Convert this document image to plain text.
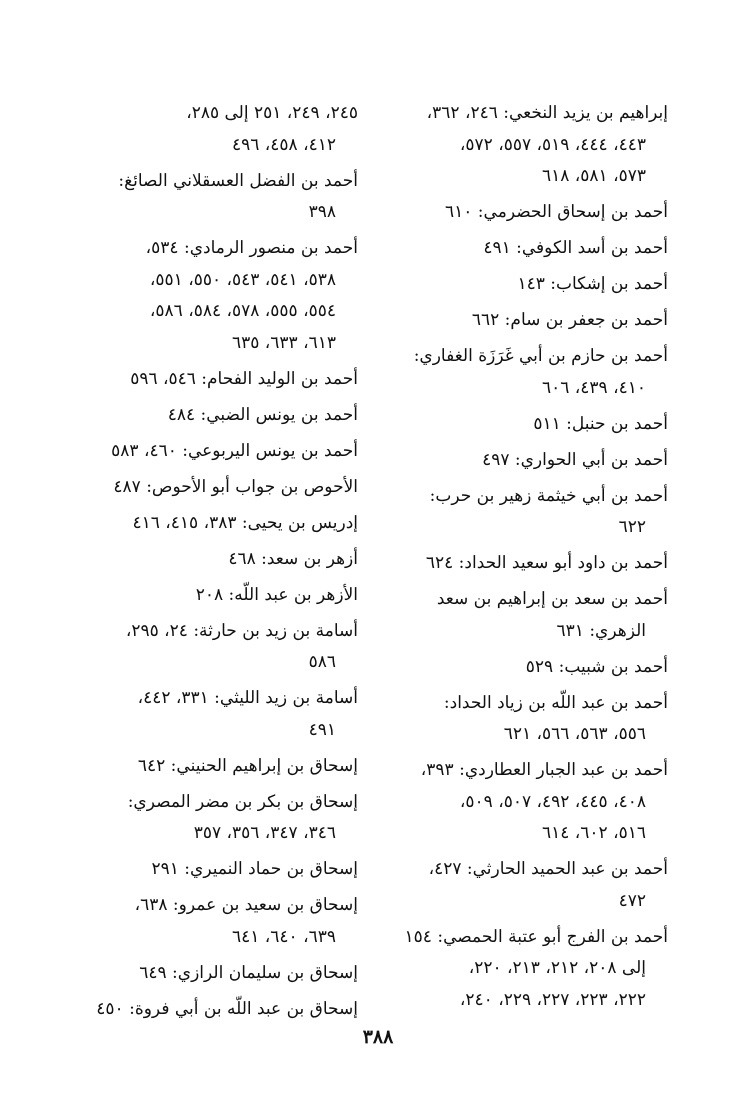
إبراهيم بن يزيد النخعي: ٢٤٦، ٣٦٢،
٤٤٣، ٤٤٤، ٥١٩، ٥٥٧، ٥٧٢،
٥٧٣، ٥٨١، ٦١٨
أحمد بن إسحاق الحضرمي: ٦١٠
أحمد بن أسد الكوفي: ٤٩١
أحمد بن إشكاب: ١٤٣
أحمد بن جعفر بن سام: ٦٦٢
أحمد بن حازم بن أبي غَرَزَة الغفاري:
٤١٠، ٤٣٩، ٦٠٦
أحمد بن حنبل: ٥١١
أحمد بن أبي الحواري: ٤٩٧
أحمد بن أبي خيثمة زهير بن حرب:
٦٢٢
أحمد بن داود أبو سعيد الحداد: ٦٢٤
أحمد بن سعد بن إبراهيم بن سعد
الزهري: ٦٣١
أحمد بن شبيب: ٥٢٩
أحمد بن عبد اللّه بن زياد الحداد:
٥٥٦، ٥٦٣، ٥٦٦، ٦٢١
أحمد بن عبد الجبار العطاردي: ٣٩٣،
٤٠٨، ٤٤٥، ٤٩٢، ٥٠٧، ٥٠٩،
٥١٦، ٦٠٢، ٦١٤
أحمد بن عبد الحميد الحارثي: ٤٢٧،
٤٧٢
أحمد بن الفرج أبو عتبة الحمصي: ١٥٤
إلى ٢٠٨، ٢١٢، ٢١٣، ٢٢٠،
٢٢٢، ٢٢٣، ٢٢٧، ٢٢٩، ٢٤٠،
٢٤٥، ٢٤٩، ٢٥١ إلى ٢٨٥،
٤١٢، ٤٥٨، ٤٩٦
أحمد بن الفضل العسقلاني الصائغ:
٣٩٨
أحمد بن منصور الرمادي: ٥٣٤،
٥٣٨، ٥٤١، ٥٤٣، ٥٥٠، ٥٥١،
٥٥٤، ٥٥٥، ٥٧٨، ٥٨٤، ٥٨٦،
٦١٣، ٦٣٣، ٦٣٥
أحمد بن الوليد الفحام: ٥٤٦، ٥٩٦
أحمد بن يونس الضبي: ٤٨٤
أحمد بن يونس اليربوعي: ٤٦٠، ٥٨٣
الأحوص بن جواب أبو الأحوص: ٤٨٧
إدريس بن يحيى: ٣٨٣، ٤١٥، ٤١٦
أزهر بن سعد: ٤٦٨
الأزهر بن عبد اللّه: ٢٠٨
أسامة بن زيد بن حارثة: ٢٤، ٢٩٥،
٥٨٦
أسامة بن زيد الليثي: ٣٣١، ٤٤٢،
٤٩١
إسحاق بن إبراهيم الحنيني: ٦٤٢
إسحاق بن بكر بن مضر المصري:
٣٤٦، ٣٤٧، ٣٥٦، ٣٥٧
إسحاق بن حماد النميري: ٢٩١
إسحاق بن سعيد بن عمرو: ٦٣٨،
٦٣٩، ٦٤٠، ٦٤١
إسحاق بن سليمان الرازي: ٦٤٩
إسحاق بن عبد اللّه بن أبي فروة: ٤٥٠
٣٨٨
